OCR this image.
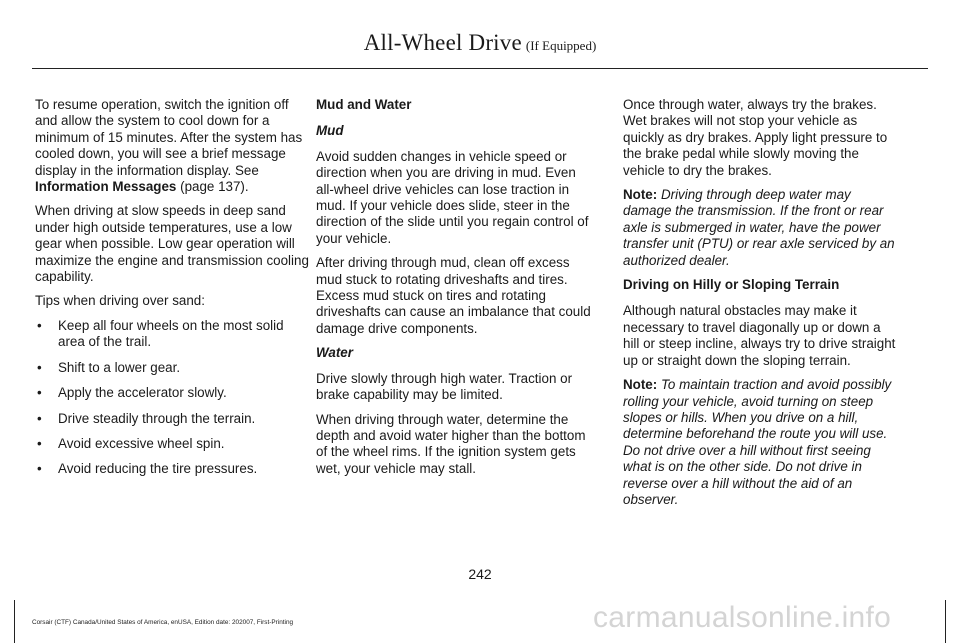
All-Wheel Drive (If Equipped)

To resume operation, switch the ignition off and allow the system to cool down for a minimum of 15 minutes. After the system has cooled down, you will see a brief message display in the information display. See Information Messages (page 137).

When driving at slow speeds in deep sand under high outside temperatures, use a low gear when possible. Low gear operation will maximize the engine and transmission cooling capability.

Tips when driving over sand:

• Keep all four wheels on the most solid area of the trail.
• Shift to a lower gear.
• Apply the accelerator slowly.
• Drive steadily through the terrain.
• Avoid excessive wheel spin.
• Avoid reducing the tire pressures.

Mud and Water

Mud

Avoid sudden changes in vehicle speed or direction when you are driving in mud. Even all-wheel drive vehicles can lose traction in mud. If your vehicle does slide, steer in the direction of the slide until you regain control of your vehicle.

After driving through mud, clean off excess mud stuck to rotating driveshafts and tires. Excess mud stuck on tires and rotating driveshafts can cause an imbalance that could damage drive components.

Water

Drive slowly through high water. Traction or brake capability may be limited.

When driving through water, determine the depth and avoid water higher than the bottom of the wheel rims. If the ignition system gets wet, your vehicle may stall.

Once through water, always try the brakes. Wet brakes will not stop your vehicle as quickly as dry brakes. Apply light pressure to the brake pedal while slowly moving the vehicle to dry the brakes.

Note: Driving through deep water may damage the transmission. If the front or rear axle is submerged in water, have the power transfer unit (PTU) or rear axle serviced by an authorized dealer.

Driving on Hilly or Sloping Terrain

Although natural obstacles may make it necessary to travel diagonally up or down a hill or steep incline, always try to drive straight up or straight down the sloping terrain.

Note: To maintain traction and avoid possibly rolling your vehicle, avoid turning on steep slopes or hills. When you drive on a hill, determine beforehand the route you will use. Do not drive over a hill without first seeing what is on the other side. Do not drive in reverse over a hill without the aid of an observer.

242
Corsair (CTF) Canada/United States of America, enUSA, Edition date: 202007, First-Printing	carmanualsonline.info
